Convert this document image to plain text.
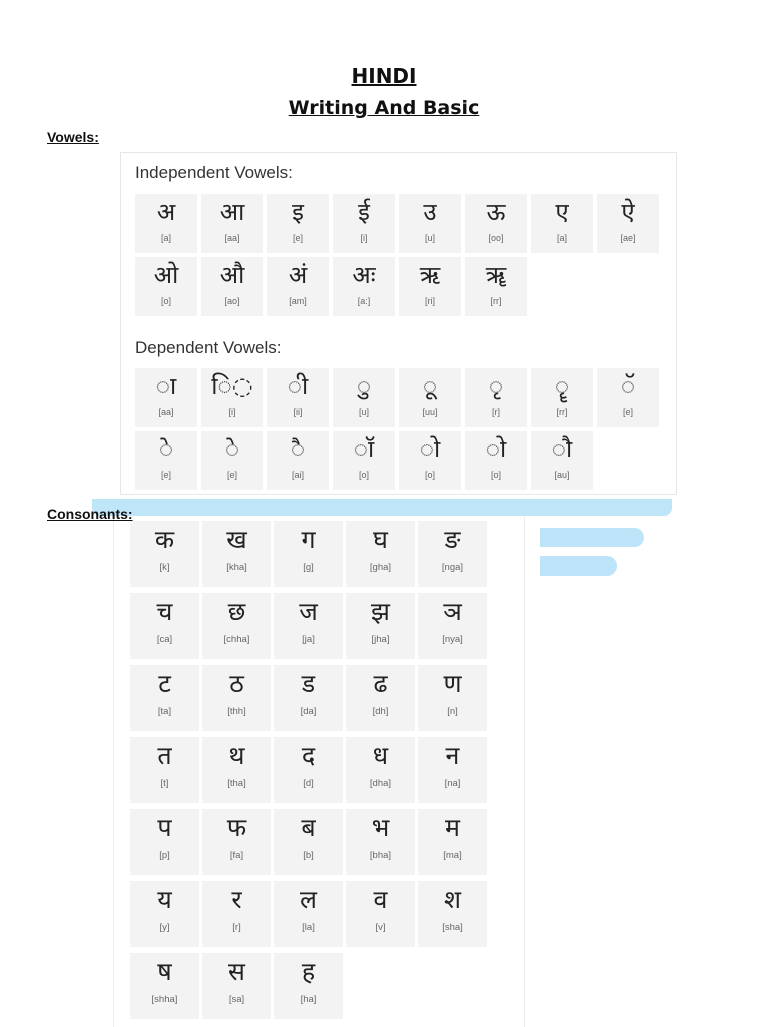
HINDI
Writing And Basic
Vowels:
Independent Vowels:
अ
[a]
आ
[aa]
इ
[e]
ई
[i]
उ
[u]
ऊ
[oo]
ए
[a]
ऐ
[ae]
ओ
[o]
औ
[ao]
अं
[am]
अः
[a:]
ऋ
[ri]
ॠ
[rr]
Dependent Vowels:
◌ा
[aa]
ि◌
[i]
◌ी
[ii]
◌ु
[u]
◌ू
[uu]
◌ृ
[r]
◌ॄ
[rr]
◌ॅ
[e]
◌े
[e]
◌े
[e]
◌ै
[ai]
◌ॉ
[o]
◌ो
[o]
◌ो
[o]
◌ौ
[au]
क
[k]
ख
[kha]
ग
[g]
घ
[gha]
ङ
[nga]
च
[ca]
छ
[chha]
ज
[ja]
झ
[jha]
ञ
[nya]
ट
[ta]
ठ
[thh]
ड
[da]
ढ
[dh]
ण
[n]
त
[t]
थ
[tha]
द
[d]
ध
[dha]
न
[na]
प
[p]
फ
[fa]
ब
[b]
भ
[bha]
म
[ma]
य
[y]
र
[r]
ल
[la]
व
[v]
श
[sha]
ष
[shha]
स
[sa]
ह
[ha]
Consonants:
